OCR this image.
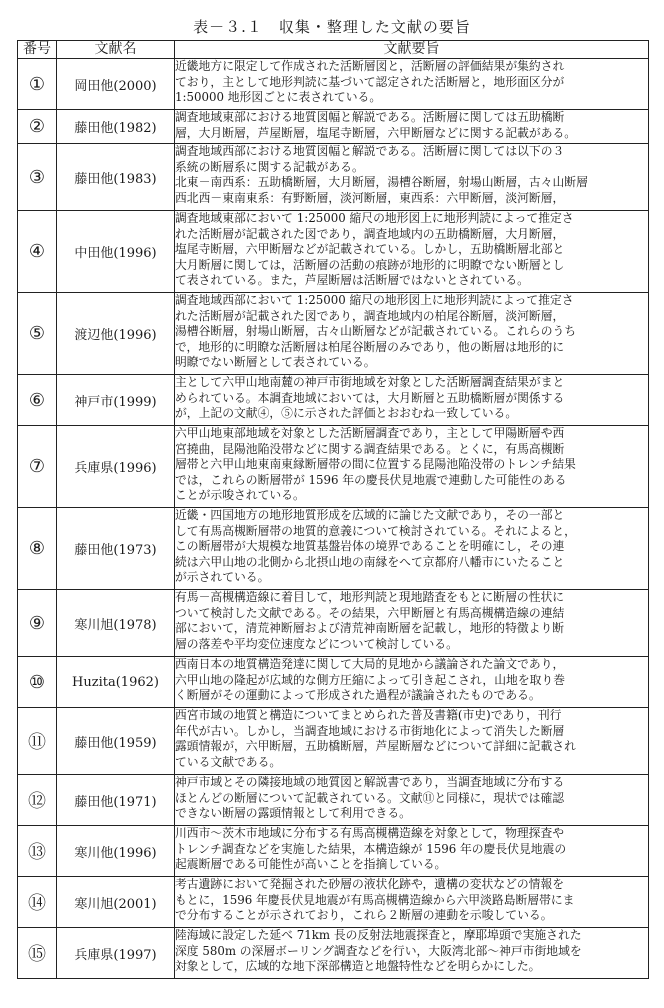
表－３.１　収集・整理した文献の要旨
番号	文献名	文献要旨
①	岡田他(2000)	近畿地方に限定して作成された活断層図と，活断層の評価結果が集約され
ており，主として地形判読に基づいて認定された活断層と，地形面区分が
1:50000 地形図ごとに表されている。

②	藤田他(1982)	調査地域東部における地質図幅と解説である。活断層に関しては五助橋断
層，大月断層，芦屋断層，塩尾寺断層，六甲断層などに関する記載がある。

③	藤田他(1983)	調査地域西部における地質図幅と解説である。活断層に関しては以下の３
系統の断層系に関する記載がある。
北東－南西系：五助橋断層，大月断層，湯槽谷断層，射場山断層，古々山断層
西北西－東南東系：有野断層，淡河断層，東西系：六甲断層，淡河断層，

④	中田他(1996)	調査地域東部において 1:25000 縮尺の地形図上に地形判読によって推定さ
れた活断層が記載された図であり，調査地域内の五助橋断層，大月断層，
塩尾寺断層，六甲断層などが記載されている。しかし，五助橋断層北部と
大月断層に関しては，活断層の活動の痕跡が地形的に明瞭でない断層とし
て表されている。また，芦屋断層は活断層ではないとされている。

⑤	渡辺他(1996)	調査地域西部において 1:25000 縮尺の地形図上に地形判読によって推定さ
れた活断層が記載された図であり，調査地域内の柏尾谷断層，淡河断層，
湯槽谷断層，射場山断層，古々山断層などが記載されている。これらのうち
で，地形的に明瞭な活断層は柏尾谷断層のみであり，他の断層は地形的に
明瞭でない断層として表されている。

⑥	神戸市(1999)	主として六甲山地南麓の神戸市街地域を対象とした活断層調査結果がまと
められている。本調査地域においては，大月断層と五助橋断層が関係する
が，上記の文献④，⑤に示された評価とおおむね一致している。

⑦	兵庫県(1996)	六甲山地東部地域を対象とした活断層調査であり，主として甲陽断層や西
宮撓曲，昆陽池陥没帯などに関する調査結果である。とくに，有馬高槻断
層帯と六甲山地東南東縁断層帯の間に位置する昆陽池陥没帯のトレンチ結果
では，これらの断層帯が 1596 年の慶長伏見地震で連動した可能性のある
ことが示唆されている。

⑧	藤田他(1973)	近畿・四国地方の地形地質形成を広域的に論じた文献であり，その一部と
して有馬高槻断層帯の地質的意義について検討されている。それによると，
この断層帯が大規模な地質基盤岩体の境界であることを明確にし，その連
続は六甲山地の北側から北摂山地の南縁をへて京都府八幡市にいたること
が示されている。

⑨	寒川旭(1978)	有馬－高槻構造線に着目して，地形判読と現地踏査をもとに断層の性状に
ついて検討した文献である。その結果，六甲断層と有馬高槻構造線の連結
部において，清荒神断層および清荒神南断層を記載し，地形的特徴より断
層の落差や平均変位速度などについて検討している。

⑩	Huzita(1962)	西南日本の地質構造発達に関して大局的見地から議論された論文であり，
六甲山地の隆起が広域的な側方圧縮によって引き起こされ，山地を取り巻
く断層がその運動によって形成された過程が議論されたものである。

⑪	藤田他(1959)	西宮市域の地質と構造についてまとめられた普及書籍(市史)であり，刊行
年代が古い。しかし，当調査地域における市街地化によって消失した断層
露頭情報が，六甲断層，五助橋断層，芦屋断層などについて詳細に記載され
ている文献である。

⑫	藤田他(1971)	神戸市域とその隣接地域の地質図と解説書であり，当調査地域に分布する
ほとんどの断層について記載されている。文献⑪と同様に，現状では確認
できない断層の露頭情報として利用できる。

⑬	寒川他(1996)	川西市～茨木市地域に分布する有馬高槻構造線を対象として，物理探査や
トレンチ調査などを実施した結果，本構造線が 1596 年の慶長伏見地震の
起震断層である可能性が高いことを指摘している。

⑭	寒川旭(2001)	考古遺跡において発掘された砂層の液状化跡や，遺構の変状などの情報を
もとに，1596 年慶長伏見地震が有馬高槻構造線から六甲淡路島断層帯にま
で分布することが示されており，これら２断層の連動を示唆している。

⑮	兵庫県(1997)	陸海域に設定した延べ 71km 長の反射法地震探査と，摩耶埠頭で実施された
深度 580m の深層ボーリング調査などを行い，大阪湾北部～神戸市街地域を
対象として，広域的な地下深部構造と地盤特性などを明らかにした。
